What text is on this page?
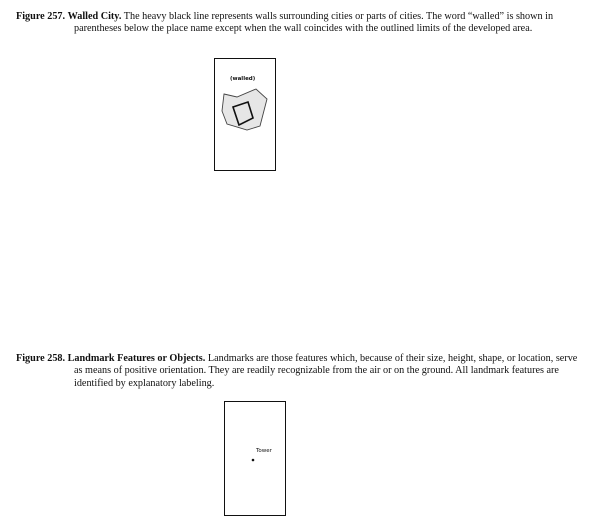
Figure 257. Walled City. The heavy black line represents walls surrounding cities or parts of cities. The word “walled” is shown in parentheses below the place name except when the wall coincides with the outlined limits of the developed area.
(walled)
Figure 258. Landmark Features or Objects. Landmarks are those features which, because of their size, height, shape, or location, serve as means of positive orientation. They are readily recognizable from the air or on the ground. All landmark features are identified by explanatory labeling.
Tower
